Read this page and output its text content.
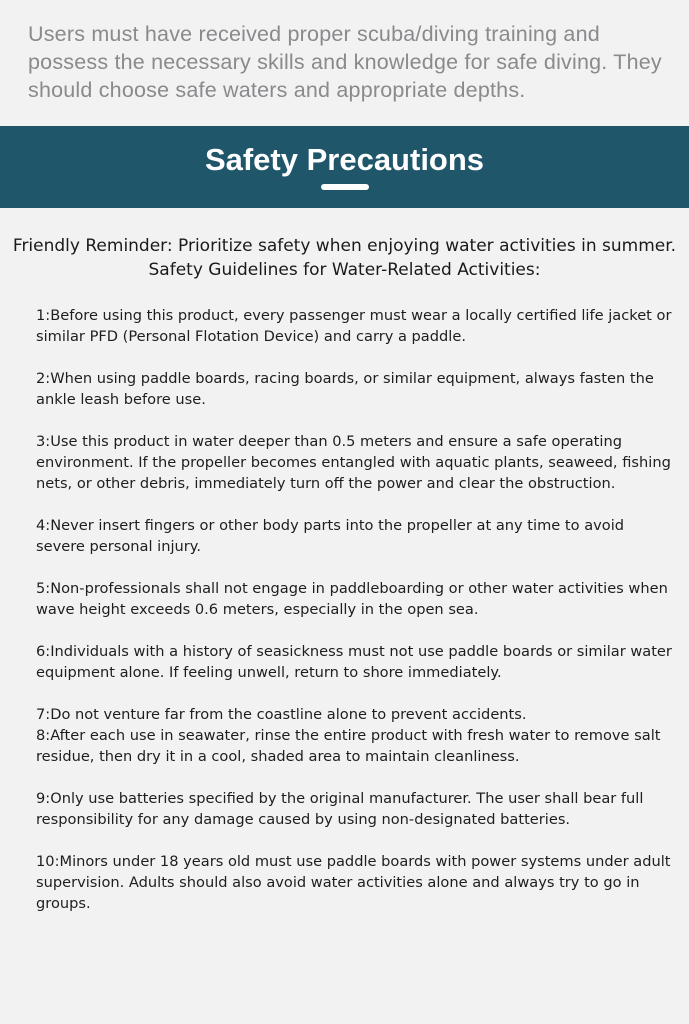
Users must have received proper scuba/diving training and possess the necessary skills and knowledge for safe diving. They should choose safe waters and appropriate depths.
Safety Precautions
Friendly Reminder: Prioritize safety when enjoying water activities in summer. Safety Guidelines for Water-Related Activities:
1:Before using this product, every passenger must wear a locally certified life jacket or similar PFD (Personal Flotation Device) and carry a paddle.
2:When using paddle boards, racing boards, or similar equipment, always fasten the ankle leash before use.
3:Use this product in water deeper than 0.5 meters and ensure a safe operating environment. If the propeller becomes entangled with aquatic plants, seaweed, fishing nets, or other debris, immediately turn off the power and clear the obstruction.
4:Never insert fingers or other body parts into the propeller at any time to avoid severe personal injury.
5:Non-professionals shall not engage in paddleboarding or other water activities when wave height exceeds 0.6 meters, especially in the open sea.
6:Individuals with a history of seasickness must not use paddle boards or similar water equipment alone. If feeling unwell, return to shore immediately.
7:Do not venture far from the coastline alone to prevent accidents.
8:After each use in seawater, rinse the entire product with fresh water to remove salt residue, then dry it in a cool, shaded area to maintain cleanliness.
9:Only use batteries specified by the original manufacturer. The user shall bear full responsibility for any damage caused by using non-designated batteries.
10:Minors under 18 years old must use paddle boards with power systems under adult supervision. Adults should also avoid water activities alone and always try to go in groups.
